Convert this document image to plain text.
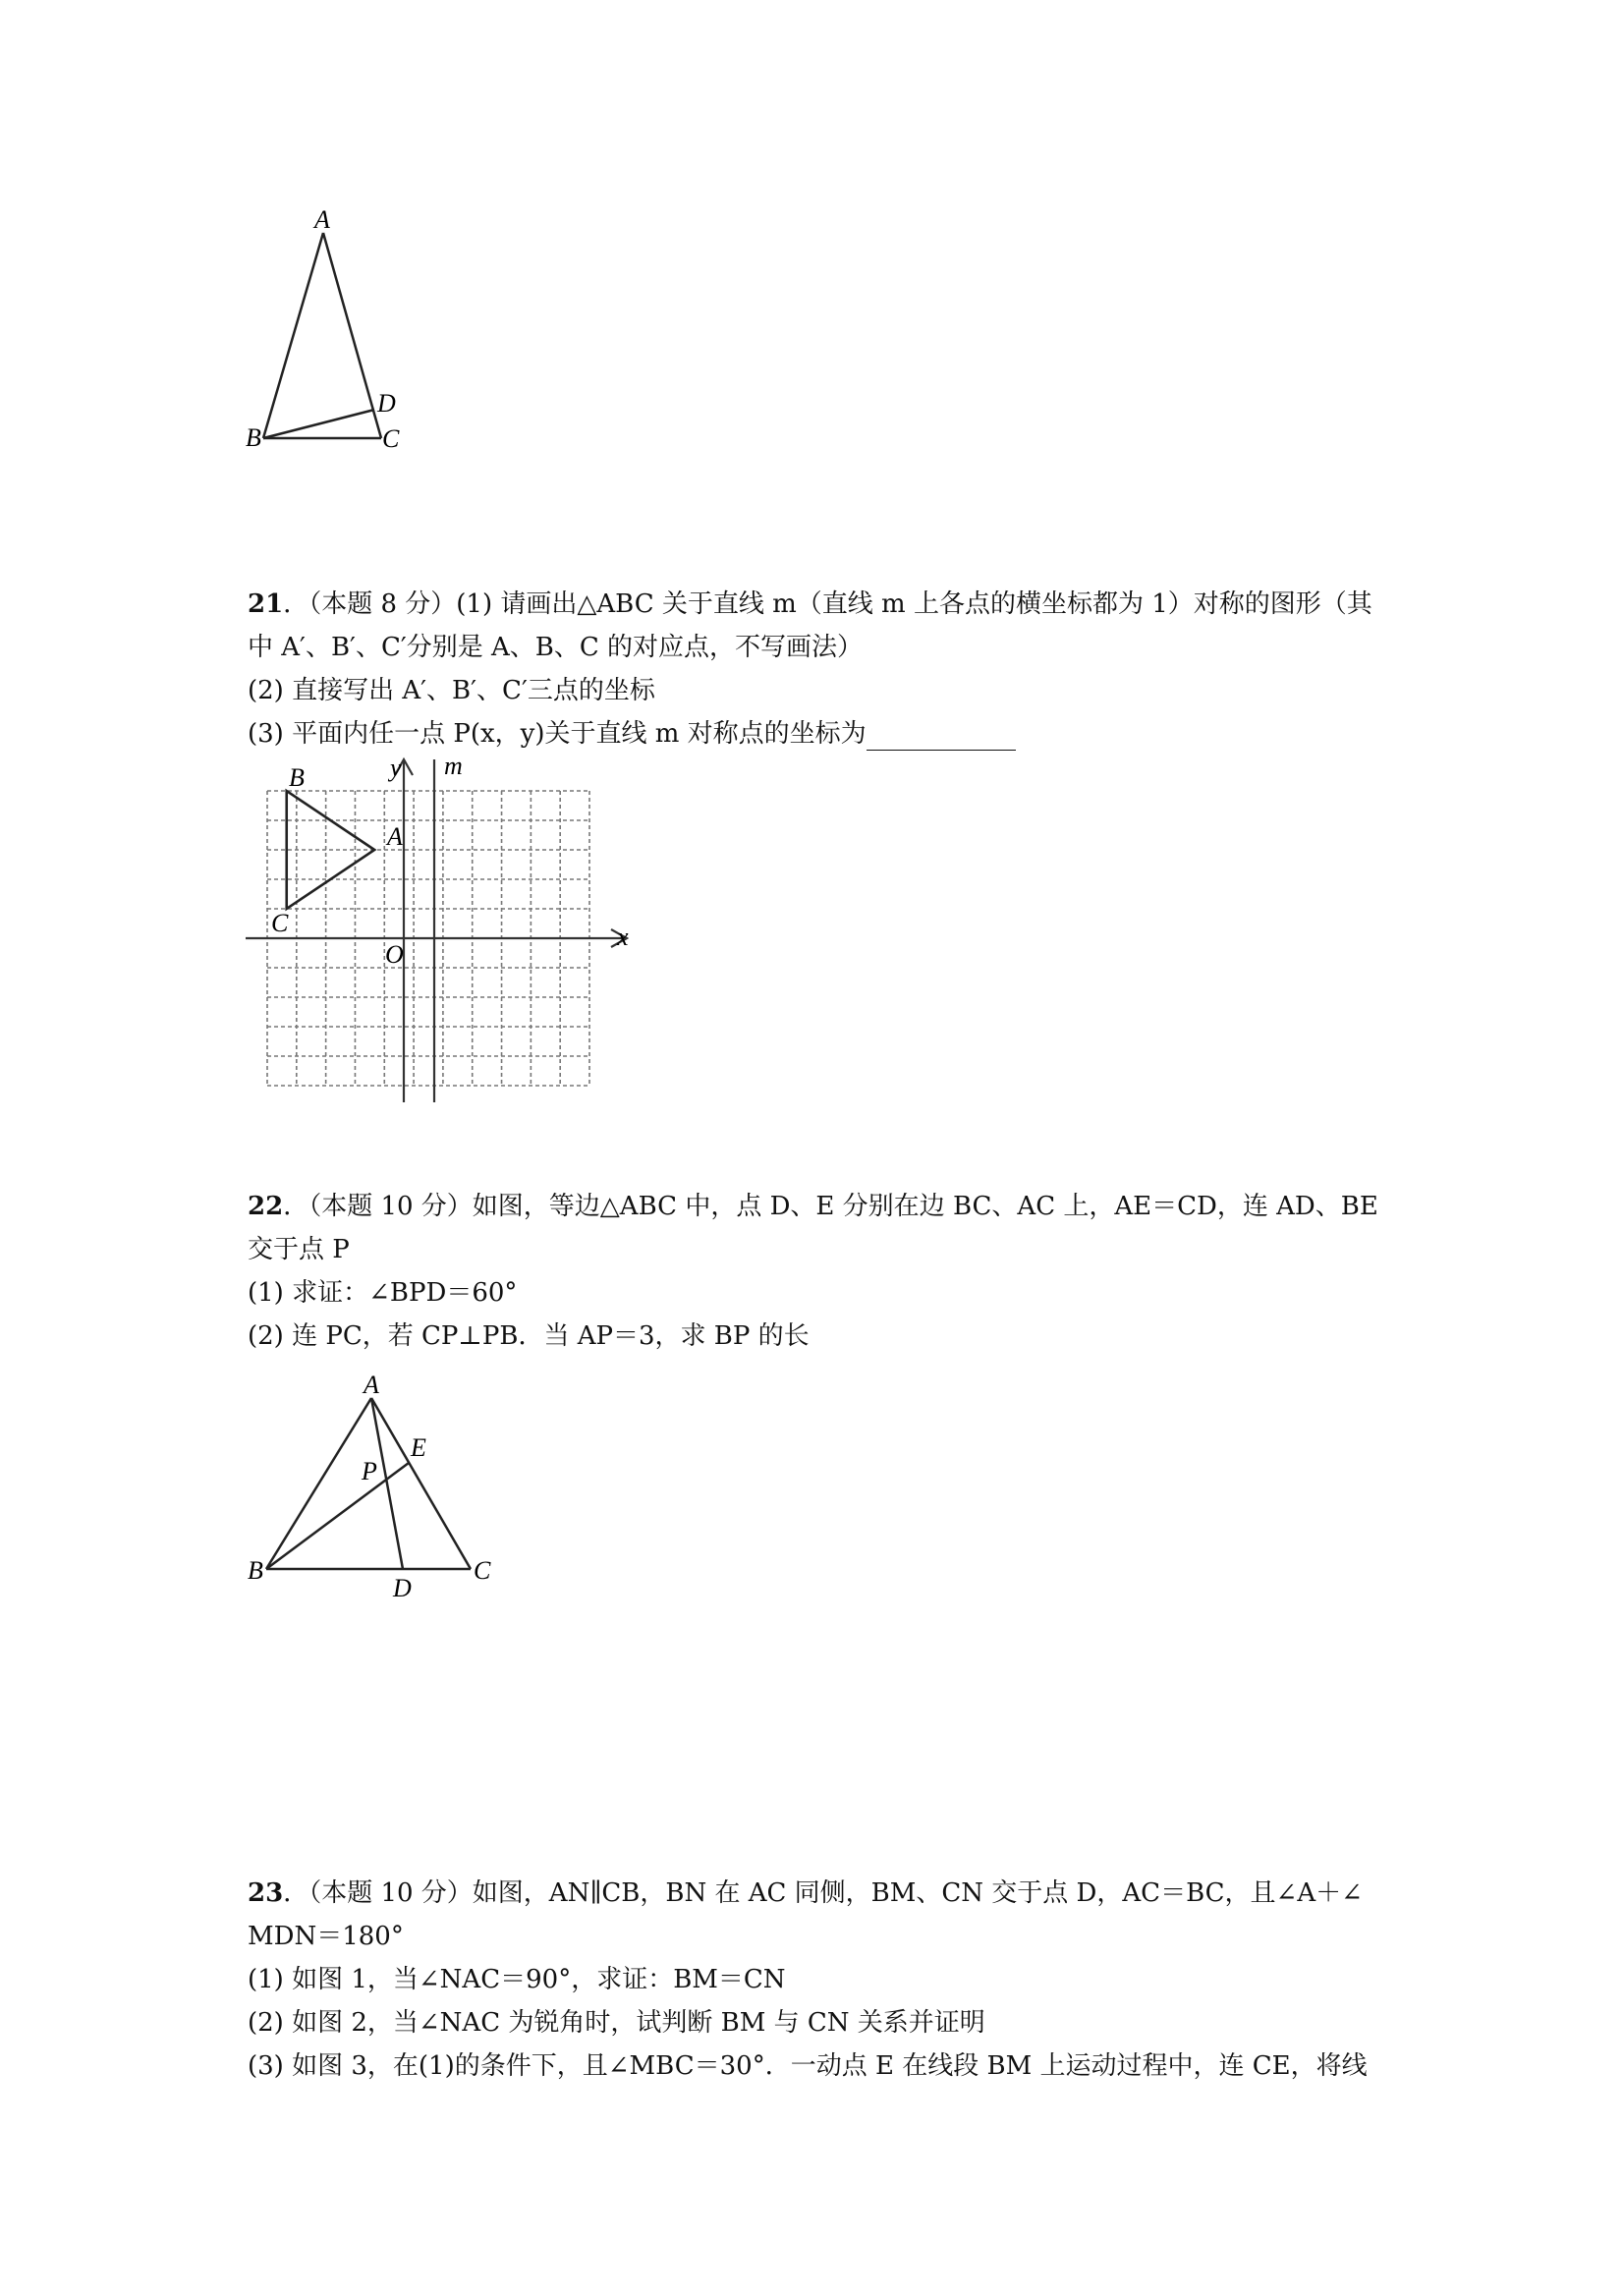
A
B	C
D
21．（本题 8 分）(1) 请画出△ABC 关于直线 m（直线 m 上各点的横坐标都为 1）对称的图形（其
中 A′、B′、C′分别是 A、B、C 的对应点，不写画法）
(2) 直接写出 A′、B′、C′三点的坐标
(3) 平面内任一点 P(x，y)关于直线 m 对称点的坐标为
y m
x
O
A
B
C
22．（本题 10 分）如图，等边△ABC 中，点 D、E 分别在边 BC、AC 上，AE＝CD，连 AD、BE
交于点 P
(1) 求证：∠BPD＝60°
(2) 连 PC，若 CP⊥PB．当 AP＝3，求 BP 的长
A
E
P
B
D
C
23．（本题 10 分）如图，AN∥CB，BN 在 AC 同侧，BM、CN 交于点 D，AC＝BC，且∠A＋∠
MDN＝180°
(1) 如图 1，当∠NAC＝90°，求证：BM＝CN
(2) 如图 2，当∠NAC 为锐角时，试判断 BM 与 CN 关系并证明
(3) 如图 3，在(1)的条件下，且∠MBC＝30°．一动点 E 在线段 BM 上运动过程中，连 CE，将线
